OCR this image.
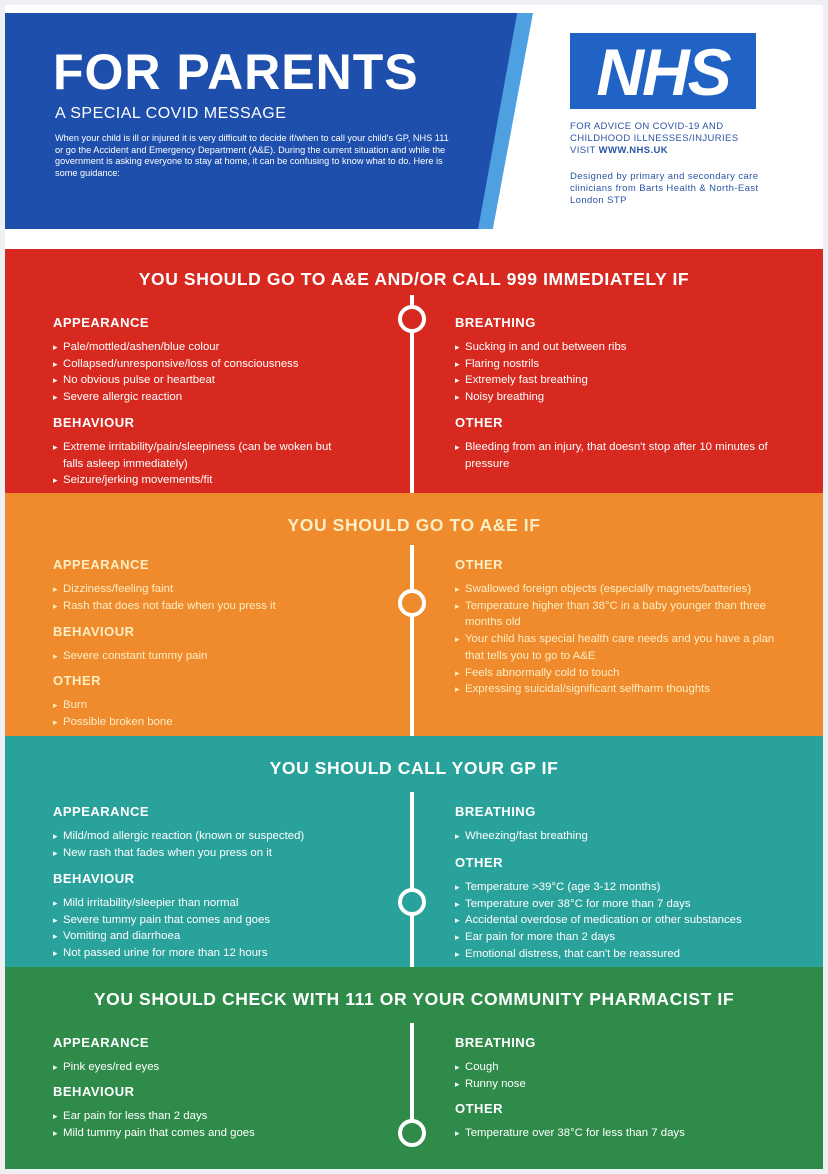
FOR PARENTS
A SPECIAL COVID MESSAGE
When your child is ill or injured it is very difficult to decide if/when to call your child's GP, NHS 111 or go the Accident and Emergency Department (A&E). During the current situation and while the government is asking everyone to stay at home, it can be confusing to know what to do. Here is some guidance:
NHS
FOR ADVICE ON COVID-19 AND
CHILDHOOD ILLNESSES/INJURIES
VISIT WWW.NHS.UK
Designed by primary and secondary care clinicians from Barts Health & North-East London STP
YOU SHOULD GO TO A&E AND/OR CALL 999 IMMEDIATELY IF
APPEARANCE
▸ Pale/mottled/ashen/blue colour
▸ Collapsed/unresponsive/loss of consciousness
▸ No obvious pulse or heartbeat
▸ Severe allergic reaction
BEHAVIOUR
▸ Extreme irritability/pain/sleepiness (can be woken but falls asleep immediately)
▸ Seizure/jerking movements/fit
BREATHING
▸ Sucking in and out between ribs
▸ Flaring nostrils
▸ Extremely fast breathing
▸ Noisy breathing
OTHER
▸ Bleeding from an injury, that doesn't stop after 10 minutes of pressure
YOU SHOULD GO TO A&E IF
APPEARANCE
▸ Dizziness/feeling faint
▸ Rash that does not fade when you press it
BEHAVIOUR
▸ Severe constant tummy pain
OTHER
▸ Burn
▸ Possible broken bone
OTHER
▸ Swallowed foreign objects (especially magnets/batteries)
▸ Temperature higher than 38°C in a baby younger than three months old
▸ Your child has special health care needs and you have a plan that tells you to go to A&E
▸ Feels abnormally cold to touch
▸ Expressing suicidal/significant selfharm thoughts
YOU SHOULD CALL YOUR GP IF
APPEARANCE
▸ Mild/mod allergic reaction (known or suspected)
▸ New rash that fades when you press on it
BEHAVIOUR
▸ Mild irritability/sleepier than normal
▸ Severe tummy pain that comes and goes
▸ Vomiting and diarrhoea
▸ Not passed urine for more than 12 hours
BREATHING
▸ Wheezing/fast breathing
OTHER
▸ Temperature >39°C (age 3-12 months)
▸ Temperature over 38°C for more than 7 days
▸ Accidental overdose of medication or other substances
▸ Ear pain for more than 2 days
▸ Emotional distress, that can't be reassured
YOU SHOULD CHECK WITH 111 OR YOUR COMMUNITY PHARMACIST IF
APPEARANCE
▸ Pink eyes/red eyes
BEHAVIOUR
▸ Ear pain for less than 2 days
▸ Mild tummy pain that comes and goes
BREATHING
▸ Cough
▸ Runny nose
OTHER
▸ Temperature over 38°C for less than 7 days
